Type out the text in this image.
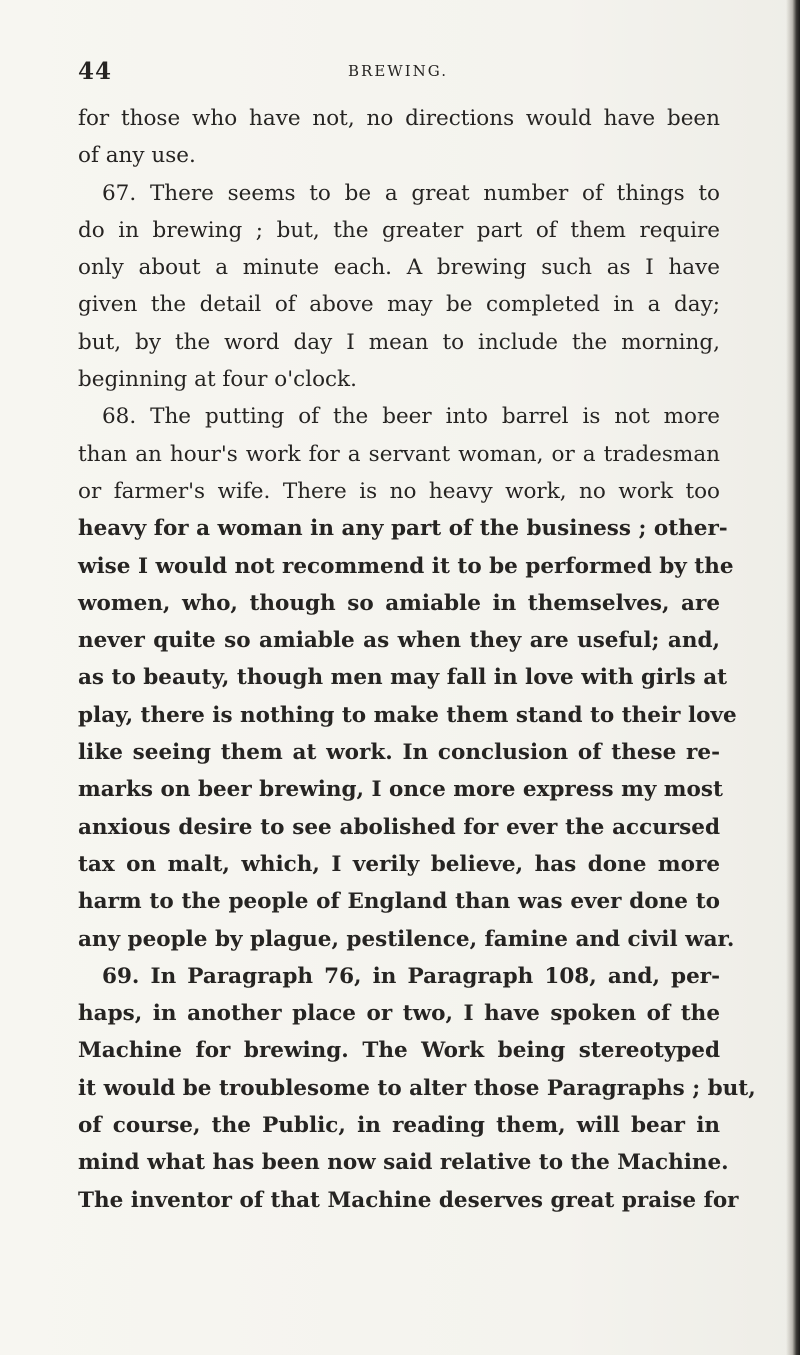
44	BREWING.
for those who have not, no directions would have been
of any use.
67. There seems to be a great number of things to
do in brewing ; but, the greater part of them require
only about a minute each. A brewing such as I have
given the detail of above may be completed in a day;
but, by the word day I mean to include the morning,
beginning at four o'clock.
68. The putting of the beer into barrel is not more
than an hour's work for a servant woman, or a tradesman
or farmer's wife. There is no heavy work, no work too
heavy for a woman in any part of the business ; other-
wise I would not recommend it to be performed by the
women, who, though so amiable in themselves, are
never quite so amiable as when they are useful; and,
as to beauty, though men may fall in love with girls at
play, there is nothing to make them stand to their love
like seeing them at work. In conclusion of these re-
marks on beer brewing, I once more express my most
anxious desire to see abolished for ever the accursed
tax on malt, which, I verily believe, has done more
harm to the people of England than was ever done to
any people by plague, pestilence, famine and civil war.
69. In Paragraph 76, in Paragraph 108, and, per-
haps, in another place or two, I have spoken of the
Machine for brewing. The Work being stereotyped
it would be troublesome to alter those Paragraphs ; but,
of course, the Public, in reading them, will bear in
mind what has been now said relative to the Machine.
The inventor of that Machine deserves great praise for
